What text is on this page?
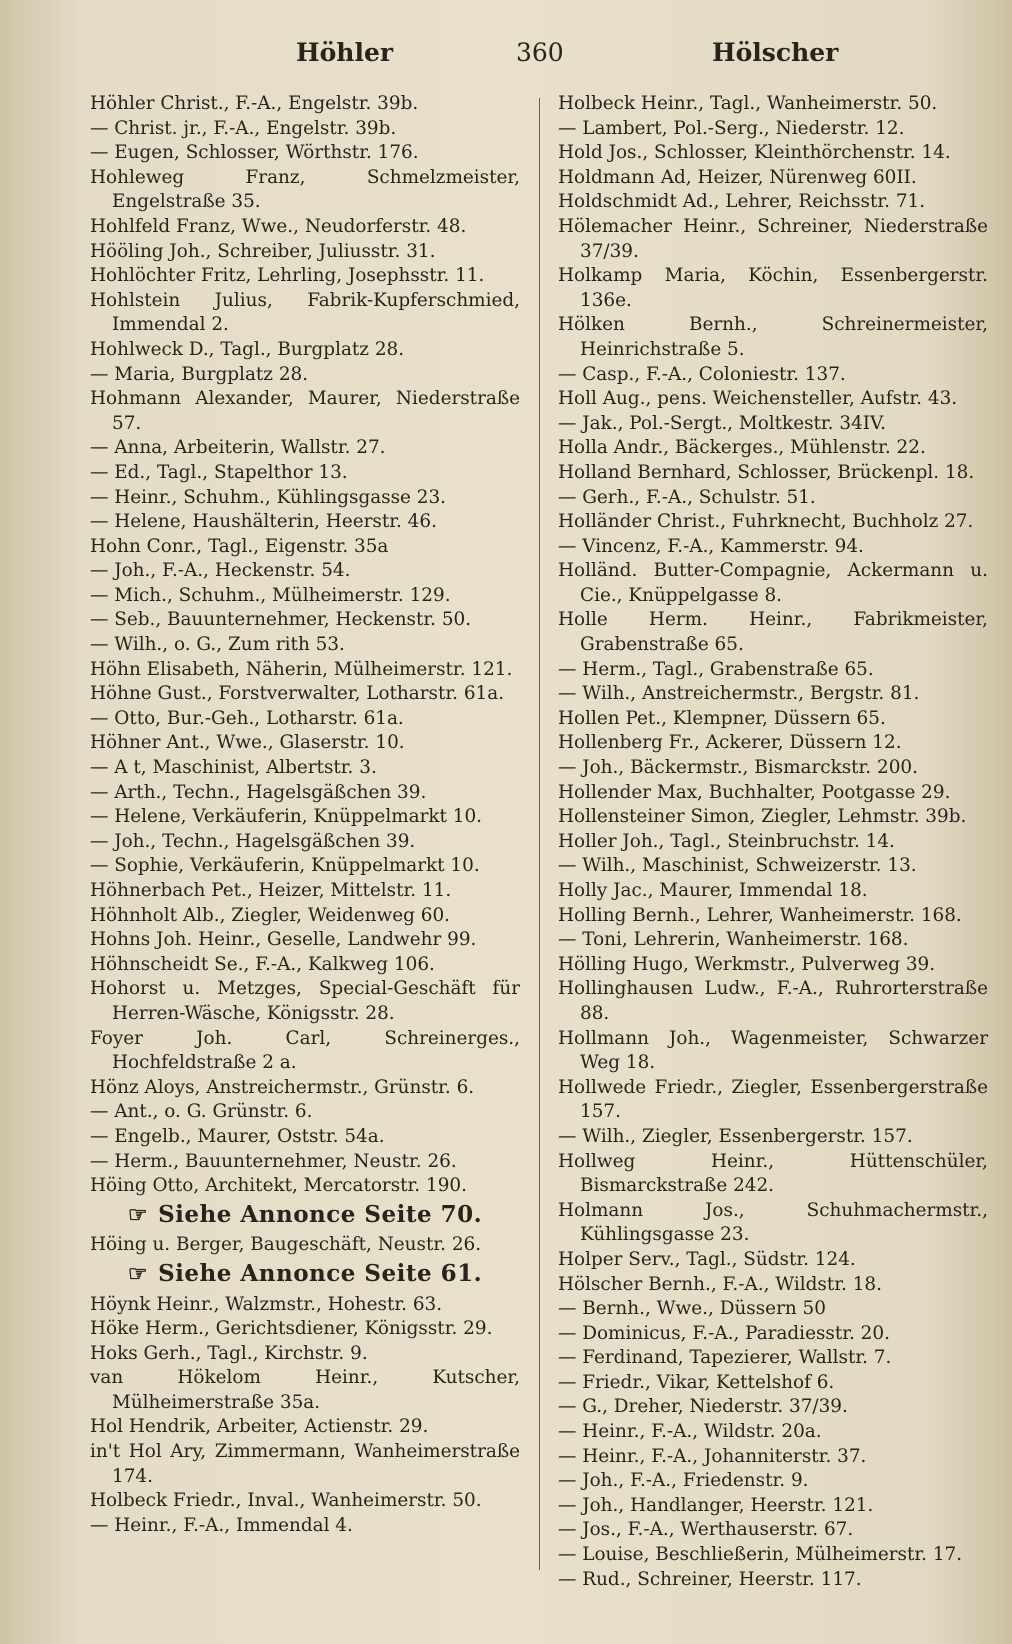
Höhler	360	Hölscher
Höhler Christ., F.-A., Engelstr. 39b.
— Christ. jr., F.-A., Engelstr. 39b.
— Eugen, Schlosser, Wörthstr. 176.
Hohleweg Franz, Schmelzmeister, Engelstraße 35.
Hohlfeld Franz, Wwe., Neudorferstr. 48.
Hööling Joh., Schreiber, Juliusstr. 31.
Hohlöchter Fritz, Lehrling, Josephsstr. 11.
Hohlstein Julius, Fabrik-Kupferschmied, Immendal 2.
Hohlweck D., Tagl., Burgplatz 28.
— Maria, Burgplatz 28.
Hohmann Alexander, Maurer, Niederstraße 57.
— Anna, Arbeiterin, Wallstr. 27.
— Ed., Tagl., Stapelthor 13.
— Heinr., Schuhm., Kühlingsgasse 23.
— Helene, Haushälterin, Heerstr. 46.
Hohn Conr., Tagl., Eigenstr. 35a
— Joh., F.-A., Heckenstr. 54.
— Mich., Schuhm., Mülheimerstr. 129.
— Seb., Bauunternehmer, Heckenstr. 50.
— Wilh., o. G., Zum rith 53.
Höhn Elisabeth, Näherin, Mülheimerstr. 121.
Höhne Gust., Forstverwalter, Lotharstr. 61a.
— Otto, Bur.-Geh., Lotharstr. 61a.
Höhner Ant., Wwe., Glaserstr. 10.
— A t, Maschinist, Albertstr. 3.
— Arth., Techn., Hagelsgäßchen 39.
— Helene, Verkäuferin, Knüppelmarkt 10.
— Joh., Techn., Hagelsgäßchen 39.
— Sophie, Verkäuferin, Knüppelmarkt 10.
Höhnerbach Pet., Heizer, Mittelstr. 11.
Höhnholt Alb., Ziegler, Weidenweg 60.
Hohns Joh. Heinr., Geselle, Landwehr 99.
Höhnscheidt Se., F.-A., Kalkweg 106.
Hohorst u. Metzges, Special-Geschäft für Herren-Wäsche, Königsstr. 28.
Foyer Joh. Carl, Schreinerges., Hochfeldstraße 2 a.
Hönz Aloys, Anstreichermstr., Grünstr. 6.
— Ant., o. G. Grünstr. 6.
— Engelb., Maurer, Oststr. 54a.
— Herm., Bauunternehmer, Neustr. 26.
Höing Otto, Architekt, Mercatorstr. 190.
☞ Siehe Annonce Seite 70.
Höing u. Berger, Baugeschäft, Neustr. 26.
☞ Siehe Annonce Seite 61.
Höynk Heinr., Walzmstr., Hohestr. 63.
Höke Herm., Gerichtsdiener, Königsstr. 29.
Hoks Gerh., Tagl., Kirchstr. 9.
van Hökelom Heinr., Kutscher, Mülheimerstraße 35a.
Hol Hendrik, Arbeiter, Actienstr. 29.
in't Hol Ary, Zimmermann, Wanheimerstraße 174.
Holbeck Friedr., Inval., Wanheimerstr. 50.
— Heinr., F.-A., Immendal 4.
Holbeck Heinr., Tagl., Wanheimerstr. 50.
— Lambert, Pol.-Serg., Niederstr. 12.
Hold Jos., Schlosser, Kleinthörchenstr. 14.
Holdmann Ad, Heizer, Nürenweg 60II.
Holdschmidt Ad., Lehrer, Reichsstr. 71.
Hölemacher Heinr., Schreiner, Niederstraße 37/39.
Holkamp Maria, Köchin, Essenbergerstr. 136e.
Hölken Bernh., Schreinermeister, Heinrichstraße 5.
— Casp., F.-A., Coloniestr. 137.
Holl Aug., pens. Weichensteller, Aufstr. 43.
— Jak., Pol.-Sergt., Moltkestr. 34IV.
Holla Andr., Bäckerges., Mühlenstr. 22.
Holland Bernhard, Schlosser, Brückenpl. 18.
— Gerh., F.-A., Schulstr. 51.
Holländer Christ., Fuhrknecht, Buchholz 27.
— Vincenz, F.-A., Kammerstr. 94.
Holländ. Butter-Compagnie, Ackermann u. Cie., Knüppelgasse 8.
Holle Herm. Heinr., Fabrikmeister, Grabenstraße 65.
— Herm., Tagl., Grabenstraße 65.
— Wilh., Anstreichermstr., Bergstr. 81.
Hollen Pet., Klempner, Düssern 65.
Hollenberg Fr., Ackerer, Düssern 12.
— Joh., Bäckermstr., Bismarckstr. 200.
Hollender Max, Buchhalter, Pootgasse 29.
Hollensteiner Simon, Ziegler, Lehmstr. 39b.
Holler Joh., Tagl., Steinbruchstr. 14.
— Wilh., Maschinist, Schweizerstr. 13.
Holly Jac., Maurer, Immendal 18.
Holling Bernh., Lehrer, Wanheimerstr. 168.
— Toni, Lehrerin, Wanheimerstr. 168.
Hölling Hugo, Werkmstr., Pulverweg 39.
Hollinghausen Ludw., F.-A., Ruhrorterstraße 88.
Hollmann Joh., Wagenmeister, Schwarzer Weg 18.
Hollwede Friedr., Ziegler, Essenbergerstraße 157.
— Wilh., Ziegler, Essenbergerstr. 157.
Hollweg Heinr., Hüttenschüler, Bismarckstraße 242.
Holmann Jos., Schuhmachermstr., Kühlingsgasse 23.
Holper Serv., Tagl., Südstr. 124.
Hölscher Bernh., F.-A., Wildstr. 18.
— Bernh., Wwe., Düssern 50
— Dominicus, F.-A., Paradiesstr. 20.
— Ferdinand, Tapezierer, Wallstr. 7.
— Friedr., Vikar, Kettelshof 6.
— G., Dreher, Niederstr. 37/39.
— Heinr., F.-A., Wildstr. 20a.
— Heinr., F.-A., Johanniterstr. 37.
— Joh., F.-A., Friedenstr. 9.
— Joh., Handlanger, Heerstr. 121.
— Jos., F.-A., Werthauserstr. 67.
— Louise, Beschließerin, Mülheimerstr. 17.
— Rud., Schreiner, Heerstr. 117.
